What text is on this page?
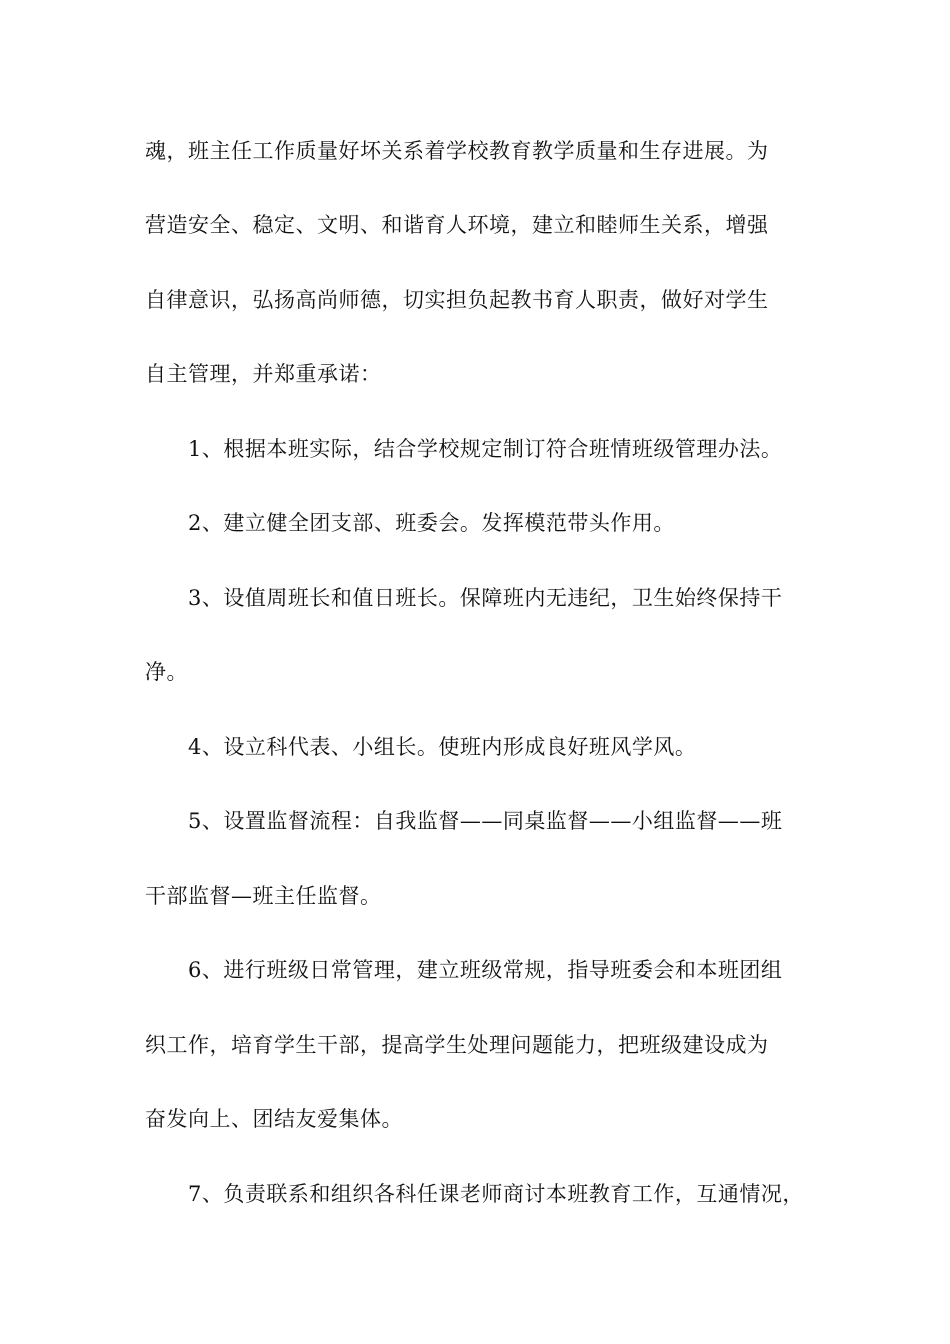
魂，班主任工作质量好坏关系着学校教育教学质量和生存进展。为

营造安全、稳定、文明、和谐育人环境，建立和睦师生关系，增强

自律意识，弘扬高尚师德，切实担负起教书育人职责，做好对学生

自主管理，并郑重承诺：

1、根据本班实际，结合学校规定制订符合班情班级管理办法。

2、建立健全团支部、班委会。发挥模范带头作用。

3、设值周班长和值日班长。保障班内无违纪，卫生始终保持干

净。

4、设立科代表、小组长。使班内形成良好班风学风。

5、设置监督流程：自我监督——同桌监督——小组监督——班

干部监督—班主任监督。

6、进行班级日常管理，建立班级常规，指导班委会和本班团组

织工作，培育学生干部，提高学生处理问题能力，把班级建设成为

奋发向上、团结友爱集体。

7、负责联系和组织各科任课老师商讨本班教育工作，互通情况，
